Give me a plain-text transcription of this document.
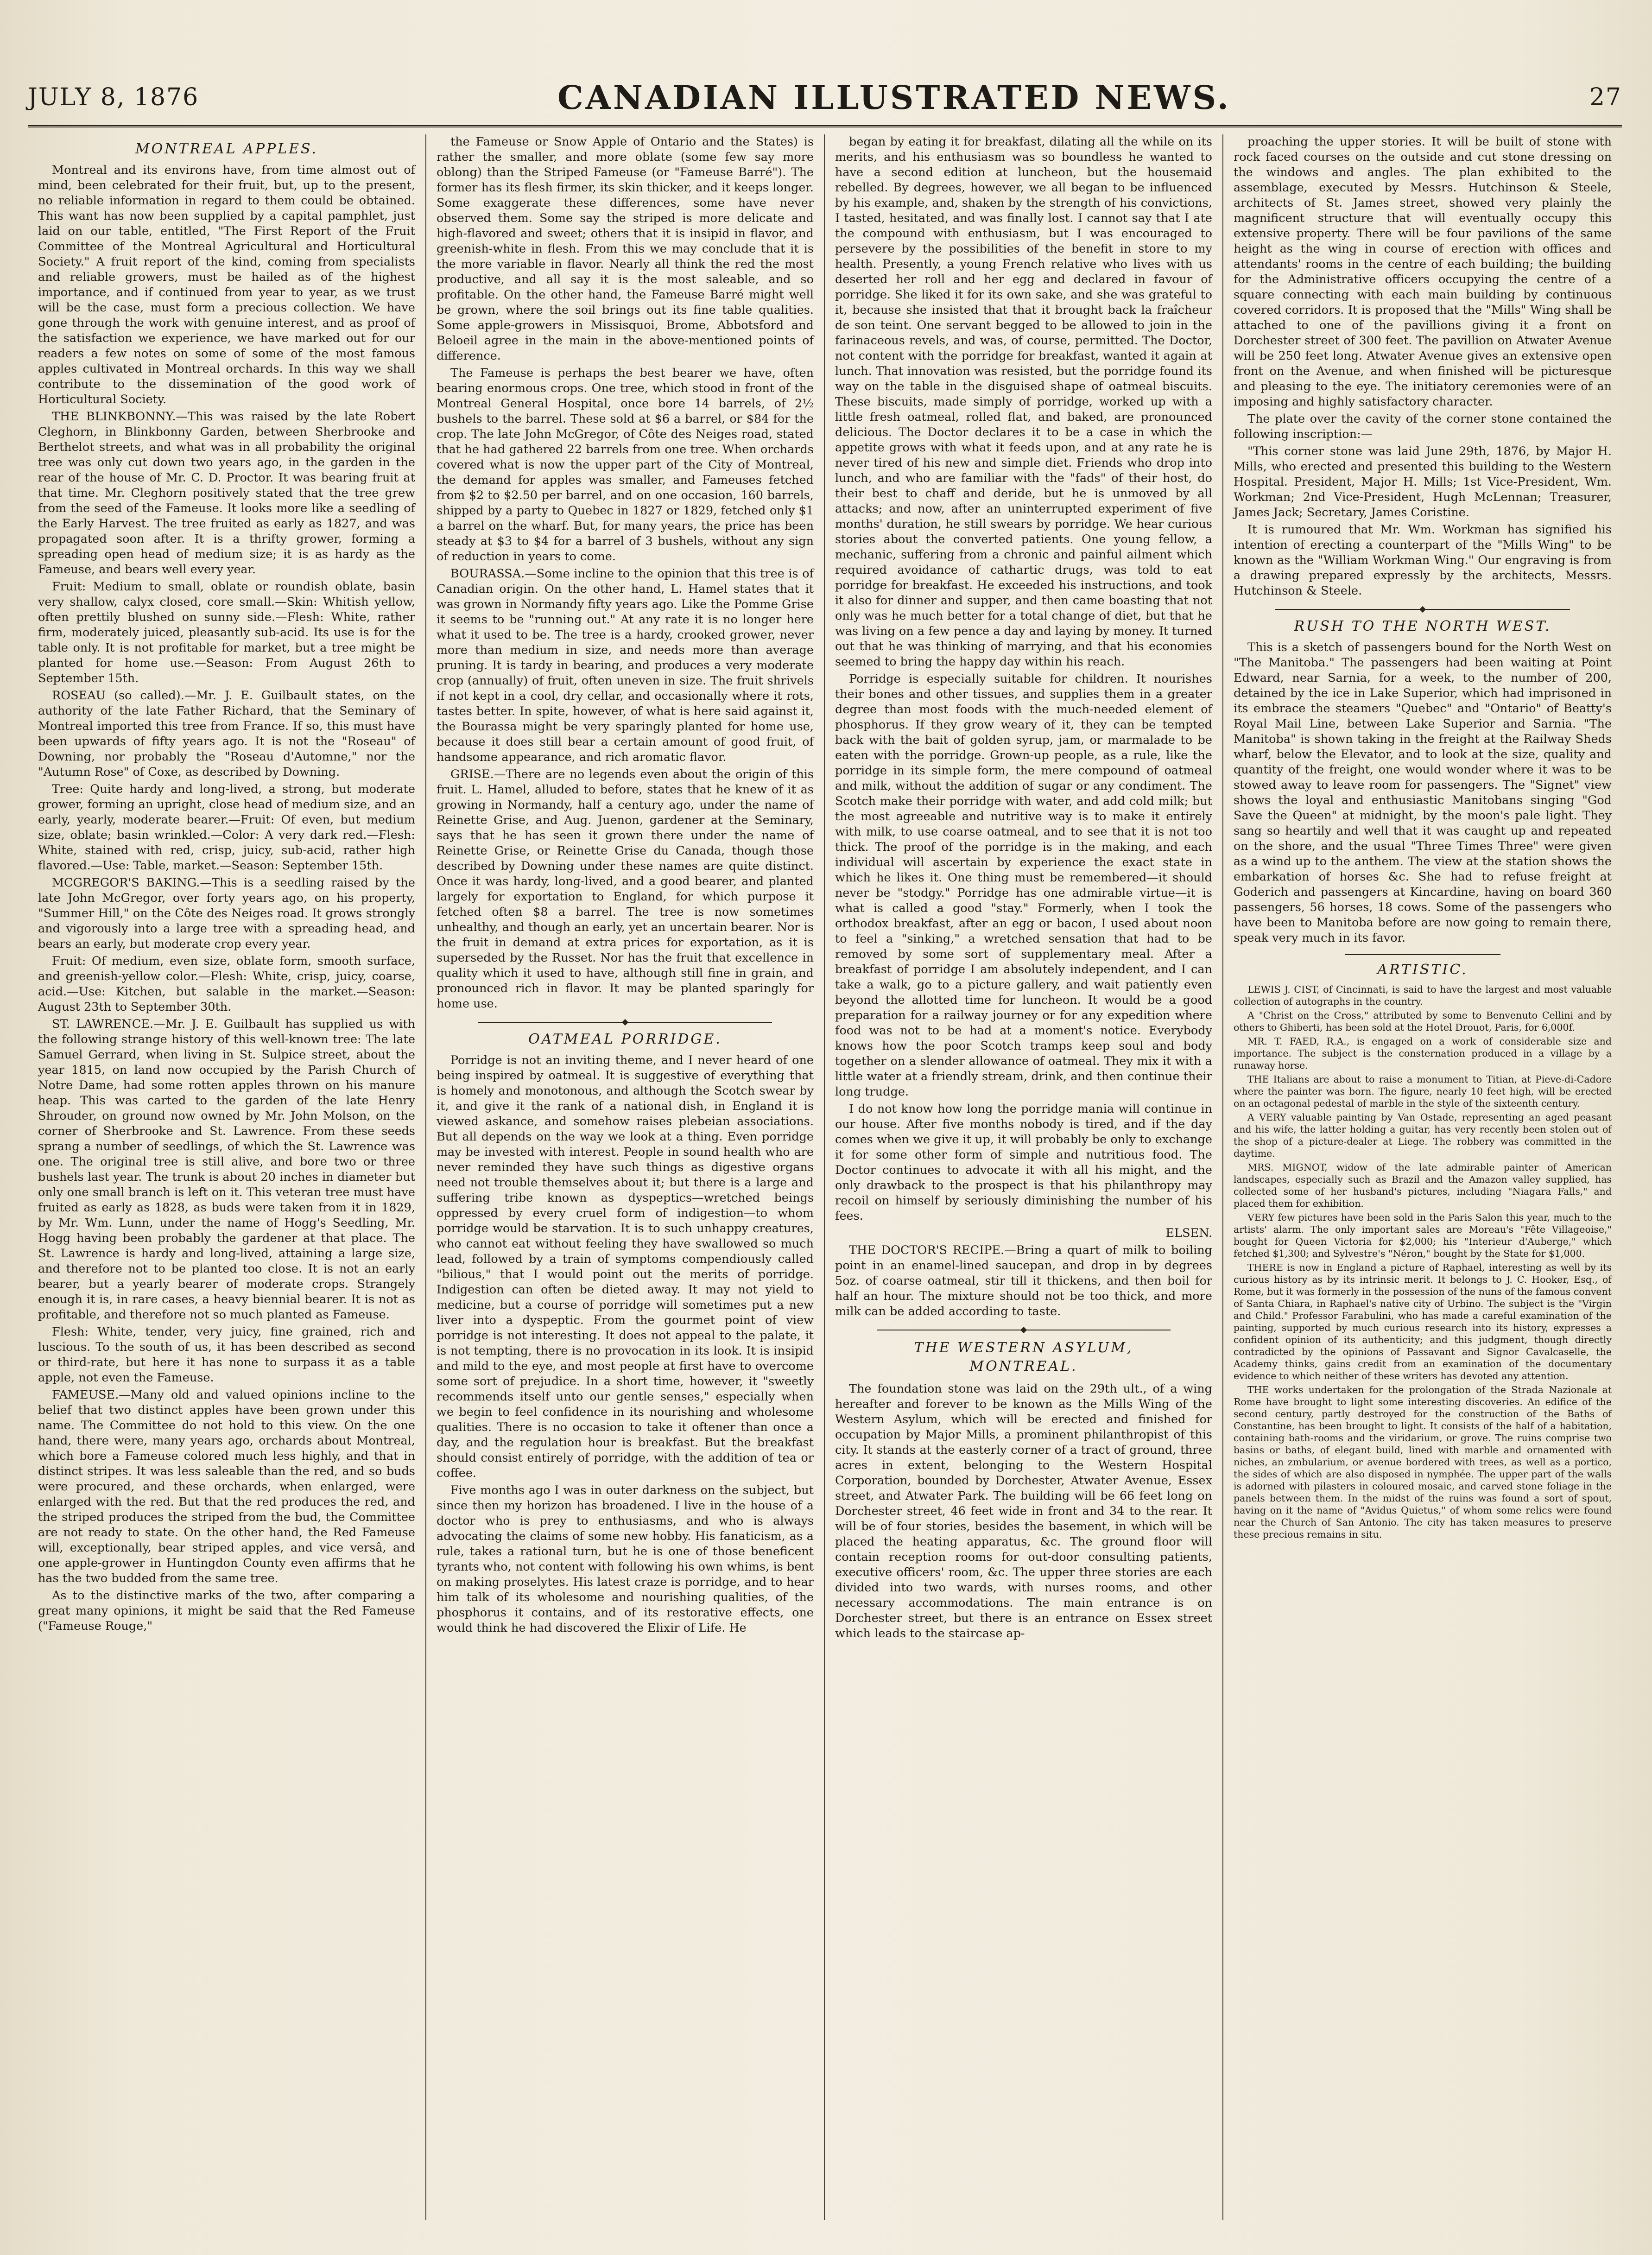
JULY 8, 1876	CANADIAN ILLUSTRATED NEWS.	27
MONTREAL APPLES.

Montreal and its environs have, from time almost out of mind, been celebrated for their fruit, but, up to the present, no reliable information in regard to them could be obtained. This want has now been supplied by a capital pamphlet, just laid on our table, entitled, "The First Report of the Fruit Committee of the Montreal Agricultural and Horticultural Society." A fruit report of the kind, coming from specialists and reliable growers, must be hailed as of the highest importance, and if continued from year to year, as we trust will be the case, must form a precious collection. We have gone through the work with genuine interest, and as proof of the satisfaction we experience, we have marked out for our readers a few notes on some of some of the most famous apples cultivated in Montreal orchards. In this way we shall contribute to the dissemination of the good work of Horticultural Society.

THE BLINKBONNY.—This was raised by the late Robert Cleghorn, in Blinkbonny Garden, between Sherbrooke and Berthelot streets, and what was in all probability the original tree was only cut down two years ago, in the garden in the rear of the house of Mr. C. D. Proctor. It was bearing fruit at that time. Mr. Cleghorn positively stated that the tree grew from the seed of the Fameuse. It looks more like a seedling of the Early Harvest. The tree fruited as early as 1827, and was propagated soon after. It is a thrifty grower, forming a spreading open head of medium size; it is as hardy as the Fameuse, and bears well every year.

Fruit: Medium to small, oblate or roundish oblate, basin very shallow, calyx closed, core small.—Skin: Whitish yellow, often prettily blushed on sunny side.—Flesh: White, rather firm, moderately juiced, pleasantly sub-acid. Its use is for the table only. It is not profitable for market, but a tree might be planted for home use.—Season: From August 26th to September 15th.

ROSEAU (so called).—Mr. J. E. Guilbault states, on the authority of the late Father Richard, that the Seminary of Montreal imported this tree from France. If so, this must have been upwards of fifty years ago. It is not the "Roseau" of Downing, nor probably the "Roseau d'Automne," nor the "Autumn Rose" of Coxe, as described by Downing.

Tree: Quite hardy and long-lived, a strong, but moderate grower, forming an upright, close head of medium size, and an early, yearly, moderate bearer.—Fruit: Of even, but medium size, oblate; basin wrinkled.—Color: A very dark red.—Flesh: White, stained with red, crisp, juicy, sub-acid, rather high flavored.—Use: Table, market.—Season: September 15th.

MCGREGOR'S BAKING.—This is a seedling raised by the late John McGregor, over forty years ago, on his property, "Summer Hill," on the Côte des Neiges road. It grows strongly and vigorously into a large tree with a spreading head, and bears an early, but moderate crop every year.

Fruit: Of medium, even size, oblate form, smooth surface, and greenish-yellow color.—Flesh: White, crisp, juicy, coarse, acid.—Use: Kitchen, but salable in the market.—Season: August 23th to September 30th.

ST. LAWRENCE.—Mr. J. E. Guilbault has supplied us with the following strange history of this well-known tree: The late Samuel Gerrard, when living in St. Sulpice street, about the year 1815, on land now occupied by the Parish Church of Notre Dame, had some rotten apples thrown on his manure heap. This was carted to the garden of the late Henry Shrouder, on ground now owned by Mr. John Molson, on the corner of Sherbrooke and St. Lawrence. From these seeds sprang a number of seedlings, of which the St. Lawrence was one. The original tree is still alive, and bore two or three bushels last year. The trunk is about 20 inches in diameter but only one small branch is left on it. This veteran tree must have fruited as early as 1828, as buds were taken from it in 1829, by Mr. Wm. Lunn, under the name of Hogg's Seedling, Mr. Hogg having been probably the gardener at that place. The St. Lawrence is hardy and long-lived, attaining a large size, and therefore not to be planted too close. It is not an early bearer, but a yearly bearer of moderate crops. Strangely enough it is, in rare cases, a heavy biennial bearer. It is not as profitable, and therefore not so much planted as Fameuse.

Flesh: White, tender, very juicy, fine grained, rich and luscious. To the south of us, it has been described as second or third-rate, but here it has none to surpass it as a table apple, not even the Fameuse.

FAMEUSE.—Many old and valued opinions incline to the belief that two distinct apples have been grown under this name. The Committee do not hold to this view. On the one hand, there were, many years ago, orchards about Montreal, which bore a Fameuse colored much less highly, and that in distinct stripes. It was less saleable than the red, and so buds were procured, and these orchards, when enlarged, were enlarged with the red. But that the red produces the red, and the striped produces the striped from the bud, the Committee are not ready to state. On the other hand, the Red Fameuse will, exceptionally, bear striped apples, and vice versâ, and one apple-grower in Huntingdon County even affirms that he has the two budded from the same tree.

As to the distinctive marks of the two, after comparing a great many opinions, it might be said that the Red Fameuse ("Fameuse Rouge,"

the Fameuse or Snow Apple of Ontario and the States) is rather the smaller, and more oblate (some few say more oblong) than the Striped Fameuse (or "Fameuse Barré"). The former has its flesh firmer, its skin thicker, and it keeps longer. Some exaggerate these differences, some have never observed them. Some say the striped is more delicate and high-flavored and sweet; others that it is insipid in flavor, and greenish-white in flesh. From this we may conclude that it is the more variable in flavor. Nearly all think the red the most productive, and all say it is the most saleable, and so profitable. On the other hand, the Fameuse Barré might well be grown, where the soil brings out its fine table qualities. Some apple-growers in Missisquoi, Brome, Abbotsford and Beloeil agree in the main in the above-mentioned points of difference.

The Fameuse is perhaps the best bearer we have, often bearing enormous crops. One tree, which stood in front of the Montreal General Hospital, once bore 14 barrels, of 2½ bushels to the barrel. These sold at $6 a barrel, or $84 for the crop. The late John McGregor, of Côte des Neiges road, stated that he had gathered 22 barrels from one tree. When orchards covered what is now the upper part of the City of Montreal, the demand for apples was smaller, and Fameuses fetched from $2 to $2.50 per barrel, and on one occasion, 160 barrels, shipped by a party to Quebec in 1827 or 1829, fetched only $1 a barrel on the wharf. But, for many years, the price has been steady at $3 to $4 for a barrel of 3 bushels, without any sign of reduction in years to come.

BOURASSA.—Some incline to the opinion that this tree is of Canadian origin. On the other hand, L. Hamel states that it was grown in Normandy fifty years ago. Like the Pomme Grise it seems to be "running out." At any rate it is no longer here what it used to be. The tree is a hardy, crooked grower, never more than medium in size, and needs more than average pruning. It is tardy in bearing, and produces a very moderate crop (annually) of fruit, often uneven in size. The fruit shrivels if not kept in a cool, dry cellar, and occasionally where it rots, tastes better. In spite, however, of what is here said against it, the Bourassa might be very sparingly planted for home use, because it does still bear a certain amount of good fruit, of handsome appearance, and rich aromatic flavor.

GRISE.—There are no legends even about the origin of this fruit. L. Hamel, alluded to before, states that he knew of it as growing in Normandy, half a century ago, under the name of Reinette Grise, and Aug. Juenon, gardener at the Seminary, says that he has seen it grown there under the name of Reinette Grise, or Reinette Grise du Canada, though those described by Downing under these names are quite distinct. Once it was hardy, long-lived, and a good bearer, and planted largely for exportation to England, for which purpose it fetched often $8 a barrel. The tree is now sometimes unhealthy, and though an early, yet an uncertain bearer. Nor is the fruit in demand at extra prices for exportation, as it is superseded by the Russet. Nor has the fruit that excellence in quality which it used to have, although still fine in grain, and pronounced rich in flavor. It may be planted sparingly for home use.

OATMEAL PORRIDGE.

Porridge is not an inviting theme, and I never heard of one being inspired by oatmeal. It is suggestive of everything that is homely and monotonous, and although the Scotch swear by it, and give it the rank of a national dish, in England it is viewed askance, and somehow raises plebeian associations. But all depends on the way we look at a thing. Even porridge may be invested with interest. People in sound health who are never reminded they have such things as digestive organs need not trouble themselves about it; but there is a large and suffering tribe known as dyspeptics—wretched beings oppressed by every cruel form of indigestion—to whom porridge would be starvation. It is to such unhappy creatures, who cannot eat without feeling they have swallowed so much lead, followed by a train of symptoms compendiously called "bilious," that I would point out the merits of porridge. Indigestion can often be dieted away. It may not yield to medicine, but a course of porridge will sometimes put a new liver into a dyspeptic. From the gourmet point of view porridge is not interesting. It does not appeal to the palate, it is not tempting, there is no provocation in its look. It is insipid and mild to the eye, and most people at first have to overcome some sort of prejudice. In a short time, however, it "sweetly recommends itself unto our gentle senses," especially when we begin to feel confidence in its nourishing and wholesome qualities. There is no occasion to take it oftener than once a day, and the regulation hour is breakfast. But the breakfast should consist entirely of porridge, with the addition of tea or coffee.

Five months ago I was in outer darkness on the subject, but since then my horizon has broadened. I live in the house of a doctor who is prey to enthusiasms, and who is always advocating the claims of some new hobby. His fanaticism, as a rule, takes a rational turn, but he is one of those beneficent tyrants who, not content with following his own whims, is bent on making proselytes. His latest craze is porridge, and to hear him talk of its wholesome and nourishing qualities, of the phosphorus it contains, and of its restorative effects, one would think he had discovered the Elixir of Life. He

began by eating it for breakfast, dilating all the while on its merits, and his enthusiasm was so boundless he wanted to have a second edition at luncheon, but the housemaid rebelled. By degrees, however, we all began to be influenced by his example, and, shaken by the strength of his convictions, I tasted, hesitated, and was finally lost. I cannot say that I ate the compound with enthusiasm, but I was encouraged to persevere by the possibilities of the benefit in store to my health. Presently, a young French relative who lives with us deserted her roll and her egg and declared in favour of porridge. She liked it for its own sake, and she was grateful to it, because she insisted that that it brought back la fraîcheur de son teint. One servant begged to be allowed to join in the farinaceous revels, and was, of course, permitted. The Doctor, not content with the porridge for breakfast, wanted it again at lunch. That innovation was resisted, but the porridge found its way on the table in the disguised shape of oatmeal biscuits. These biscuits, made simply of porridge, worked up with a little fresh oatmeal, rolled flat, and baked, are pronounced delicious. The Doctor declares it to be a case in which the appetite grows with what it feeds upon, and at any rate he is never tired of his new and simple diet. Friends who drop into lunch, and who are familiar with the "fads" of their host, do their best to chaff and deride, but he is unmoved by all attacks; and now, after an uninterrupted experiment of five months' duration, he still swears by porridge. We hear curious stories about the converted patients. One young fellow, a mechanic, suffering from a chronic and painful ailment which required avoidance of cathartic drugs, was told to eat porridge for breakfast. He exceeded his instructions, and took it also for dinner and supper, and then came boasting that not only was he much better for a total change of diet, but that he was living on a few pence a day and laying by money. It turned out that he was thinking of marrying, and that his economies seemed to bring the happy day within his reach.

Porridge is especially suitable for children. It nourishes their bones and other tissues, and supplies them in a greater degree than most foods with the much-needed element of phosphorus. If they grow weary of it, they can be tempted back with the bait of golden syrup, jam, or marmalade to be eaten with the porridge. Grown-up people, as a rule, like the porridge in its simple form, the mere compound of oatmeal and milk, without the addition of sugar or any condiment. The Scotch make their porridge with water, and add cold milk; but the most agreeable and nutritive way is to make it entirely with milk, to use coarse oatmeal, and to see that it is not too thick. The proof of the porridge is in the making, and each individual will ascertain by experience the exact state in which he likes it. One thing must be remembered—it should never be "stodgy." Porridge has one admirable virtue—it is what is called a good "stay." Formerly, when I took the orthodox breakfast, after an egg or bacon, I used about noon to feel a "sinking," a wretched sensation that had to be removed by some sort of supplementary meal. After a breakfast of porridge I am absolutely independent, and I can take a walk, go to a picture gallery, and wait patiently even beyond the allotted time for luncheon. It would be a good preparation for a railway journey or for any expedition where food was not to be had at a moment's notice. Everybody knows how the poor Scotch tramps keep soul and body together on a slender allowance of oatmeal. They mix it with a little water at a friendly stream, drink, and then continue their long trudge.

I do not know how long the porridge mania will continue in our house. After five months nobody is tired, and if the day comes when we give it up, it will probably be only to exchange it for some other form of simple and nutritious food. The Doctor continues to advocate it with all his might, and the only drawback to the prospect is that his philanthropy may recoil on himself by seriously diminishing the number of his fees.

ELSEN.

THE DOCTOR'S RECIPE.—Bring a quart of milk to boiling point in an enamel-lined saucepan, and drop in by degrees 5oz. of coarse oatmeal, stir till it thickens, and then boil for half an hour. The mixture should not be too thick, and more milk can be added according to taste.

THE WESTERN ASYLUM,
MONTREAL.

The foundation stone was laid on the 29th ult., of a wing hereafter and forever to be known as the Mills Wing of the Western Asylum, which will be erected and finished for occupation by Major Mills, a prominent philanthropist of this city. It stands at the easterly corner of a tract of ground, three acres in extent, belonging to the Western Hospital Corporation, bounded by Dorchester, Atwater Avenue, Essex street, and Atwater Park. The building will be 66 feet long on Dorchester street, 46 feet wide in front and 34 to the rear. It will be of four stories, besides the basement, in which will be placed the heating apparatus, &c. The ground floor will contain reception rooms for out-door consulting patients, executive officers' room, &c. The upper three stories are each divided into two wards, with nurses rooms, and other necessary accommodations. The main entrance is on Dorchester street, but there is an entrance on Essex street which leads to the staircase ap-

proaching the upper stories. It will be built of stone with rock faced courses on the outside and cut stone dressing on the windows and angles. The plan exhibited to the assemblage, executed by Messrs. Hutchinson & Steele, architects of St. James street, showed very plainly the magnificent structure that will eventually occupy this extensive property. There will be four pavilions of the same height as the wing in course of erection with offices and attendants' rooms in the centre of each building; the building for the Administrative officers occupying the centre of a square connecting with each main building by continuous covered corridors. It is proposed that the "Mills" Wing shall be attached to one of the pavillions giving it a front on Dorchester street of 300 feet. The pavillion on Atwater Avenue will be 250 feet long. Atwater Avenue gives an extensive open front on the Avenue, and when finished will be picturesque and pleasing to the eye. The initiatory ceremonies were of an imposing and highly satisfactory character.

The plate over the cavity of the corner stone contained the following inscription:—

"This corner stone was laid June 29th, 1876, by Major H. Mills, who erected and presented this building to the Western Hospital. President, Major H. Mills; 1st Vice-President, Wm. Workman; 2nd Vice-President, Hugh McLennan; Treasurer, James Jack; Secretary, James Coristine.

It is rumoured that Mr. Wm. Workman has signified his intention of erecting a counterpart of the "Mills Wing" to be known as the "William Workman Wing." Our engraving is from a drawing prepared expressly by the architects, Messrs. Hutchinson & Steele.

RUSH TO THE NORTH WEST.

This is a sketch of passengers bound for the North West on "The Manitoba." The passengers had been waiting at Point Edward, near Sarnia, for a week, to the number of 200, detained by the ice in Lake Superior, which had imprisoned in its embrace the steamers "Quebec" and "Ontario" of Beatty's Royal Mail Line, between Lake Superior and Sarnia. "The Manitoba" is shown taking in the freight at the Railway Sheds wharf, below the Elevator, and to look at the size, quality and quantity of the freight, one would wonder where it was to be stowed away to leave room for passengers. The "Signet" view shows the loyal and enthusiastic Manitobans singing "God Save the Queen" at midnight, by the moon's pale light. They sang so heartily and well that it was caught up and repeated on the shore, and the usual "Three Times Three" were given as a wind up to the anthem. The view at the station shows the embarkation of horses &c. She had to refuse freight at Goderich and passengers at Kincardine, having on board 360 passengers, 56 horses, 18 cows. Some of the passengers who have been to Manitoba before are now going to remain there, speak very much in its favor.

ARTISTIC.

LEWIS J. CIST, of Cincinnati, is said to have the largest and most valuable collection of autographs in the country.

A "Christ on the Cross," attributed by some to Benvenuto Cellini and by others to Ghiberti, has been sold at the Hotel Drouot, Paris, for 6,000f.

MR. T. FAED, R.A., is engaged on a work of considerable size and importance. The subject is the consternation produced in a village by a runaway horse.

THE Italians are about to raise a monument to Titian, at Pieve-di-Cadore where the painter was born. The figure, nearly 10 feet high, will be erected on an octagonal pedestal of marble in the style of the sixteenth century.

A VERY valuable painting by Van Ostade, representing an aged peasant and his wife, the latter holding a guitar, has very recently been stolen out of the shop of a picture-dealer at Liege. The robbery was committed in the daytime.

MRS. MIGNOT, widow of the late admirable painter of American landscapes, especially such as Brazil and the Amazon valley supplied, has collected some of her husband's pictures, including "Niagara Falls," and placed them for exhibition.

VERY few pictures have been sold in the Paris Salon this year, much to the artists' alarm. The only important sales are Moreau's "Fête Villageoise," bought for Queen Victoria for $2,000; his "Interieur d'Auberge," which fetched $1,300; and Sylvestre's "Néron," bought by the State for $1,000.

THERE is now in England a picture of Raphael, interesting as well by its curious history as by its intrinsic merit. It belongs to J. C. Hooker, Esq., of Rome, but it was formerly in the possession of the nuns of the famous convent of Santa Chiara, in Raphael's native city of Urbino. The subject is the "Virgin and Child." Professor Farabulini, who has made a careful examination of the painting, supported by much curious research into its history, expresses a confident opinion of its authenticity; and this judgment, though directly contradicted by the opinions of Passavant and Signor Cavalcaselle, the Academy thinks, gains credit from an examination of the documentary evidence to which neither of these writers has devoted any attention.

THE works undertaken for the prolongation of the Strada Nazionale at Rome have brought to light some interesting discoveries. An edifice of the second century, partly destroyed for the construction of the Baths of Constantine, has been brought to light. It consists of the half of a habitation, containing bath-rooms and the viridarium, or grove. The ruins comprise two basins or baths, of elegant build, lined with marble and ornamented with niches, an zmbularium, or avenue bordered with trees, as well as a portico, the sides of which are also disposed in nymphée. The upper part of the walls is adorned with pilasters in coloured mosaic, and carved stone foliage in the panels between them. In the midst of the ruins was found a sort of spout, having on it the name of "Avidus Quietus," of whom some relics were found near the Church of San Antonio. The city has taken measures to preserve these precious remains in situ.
